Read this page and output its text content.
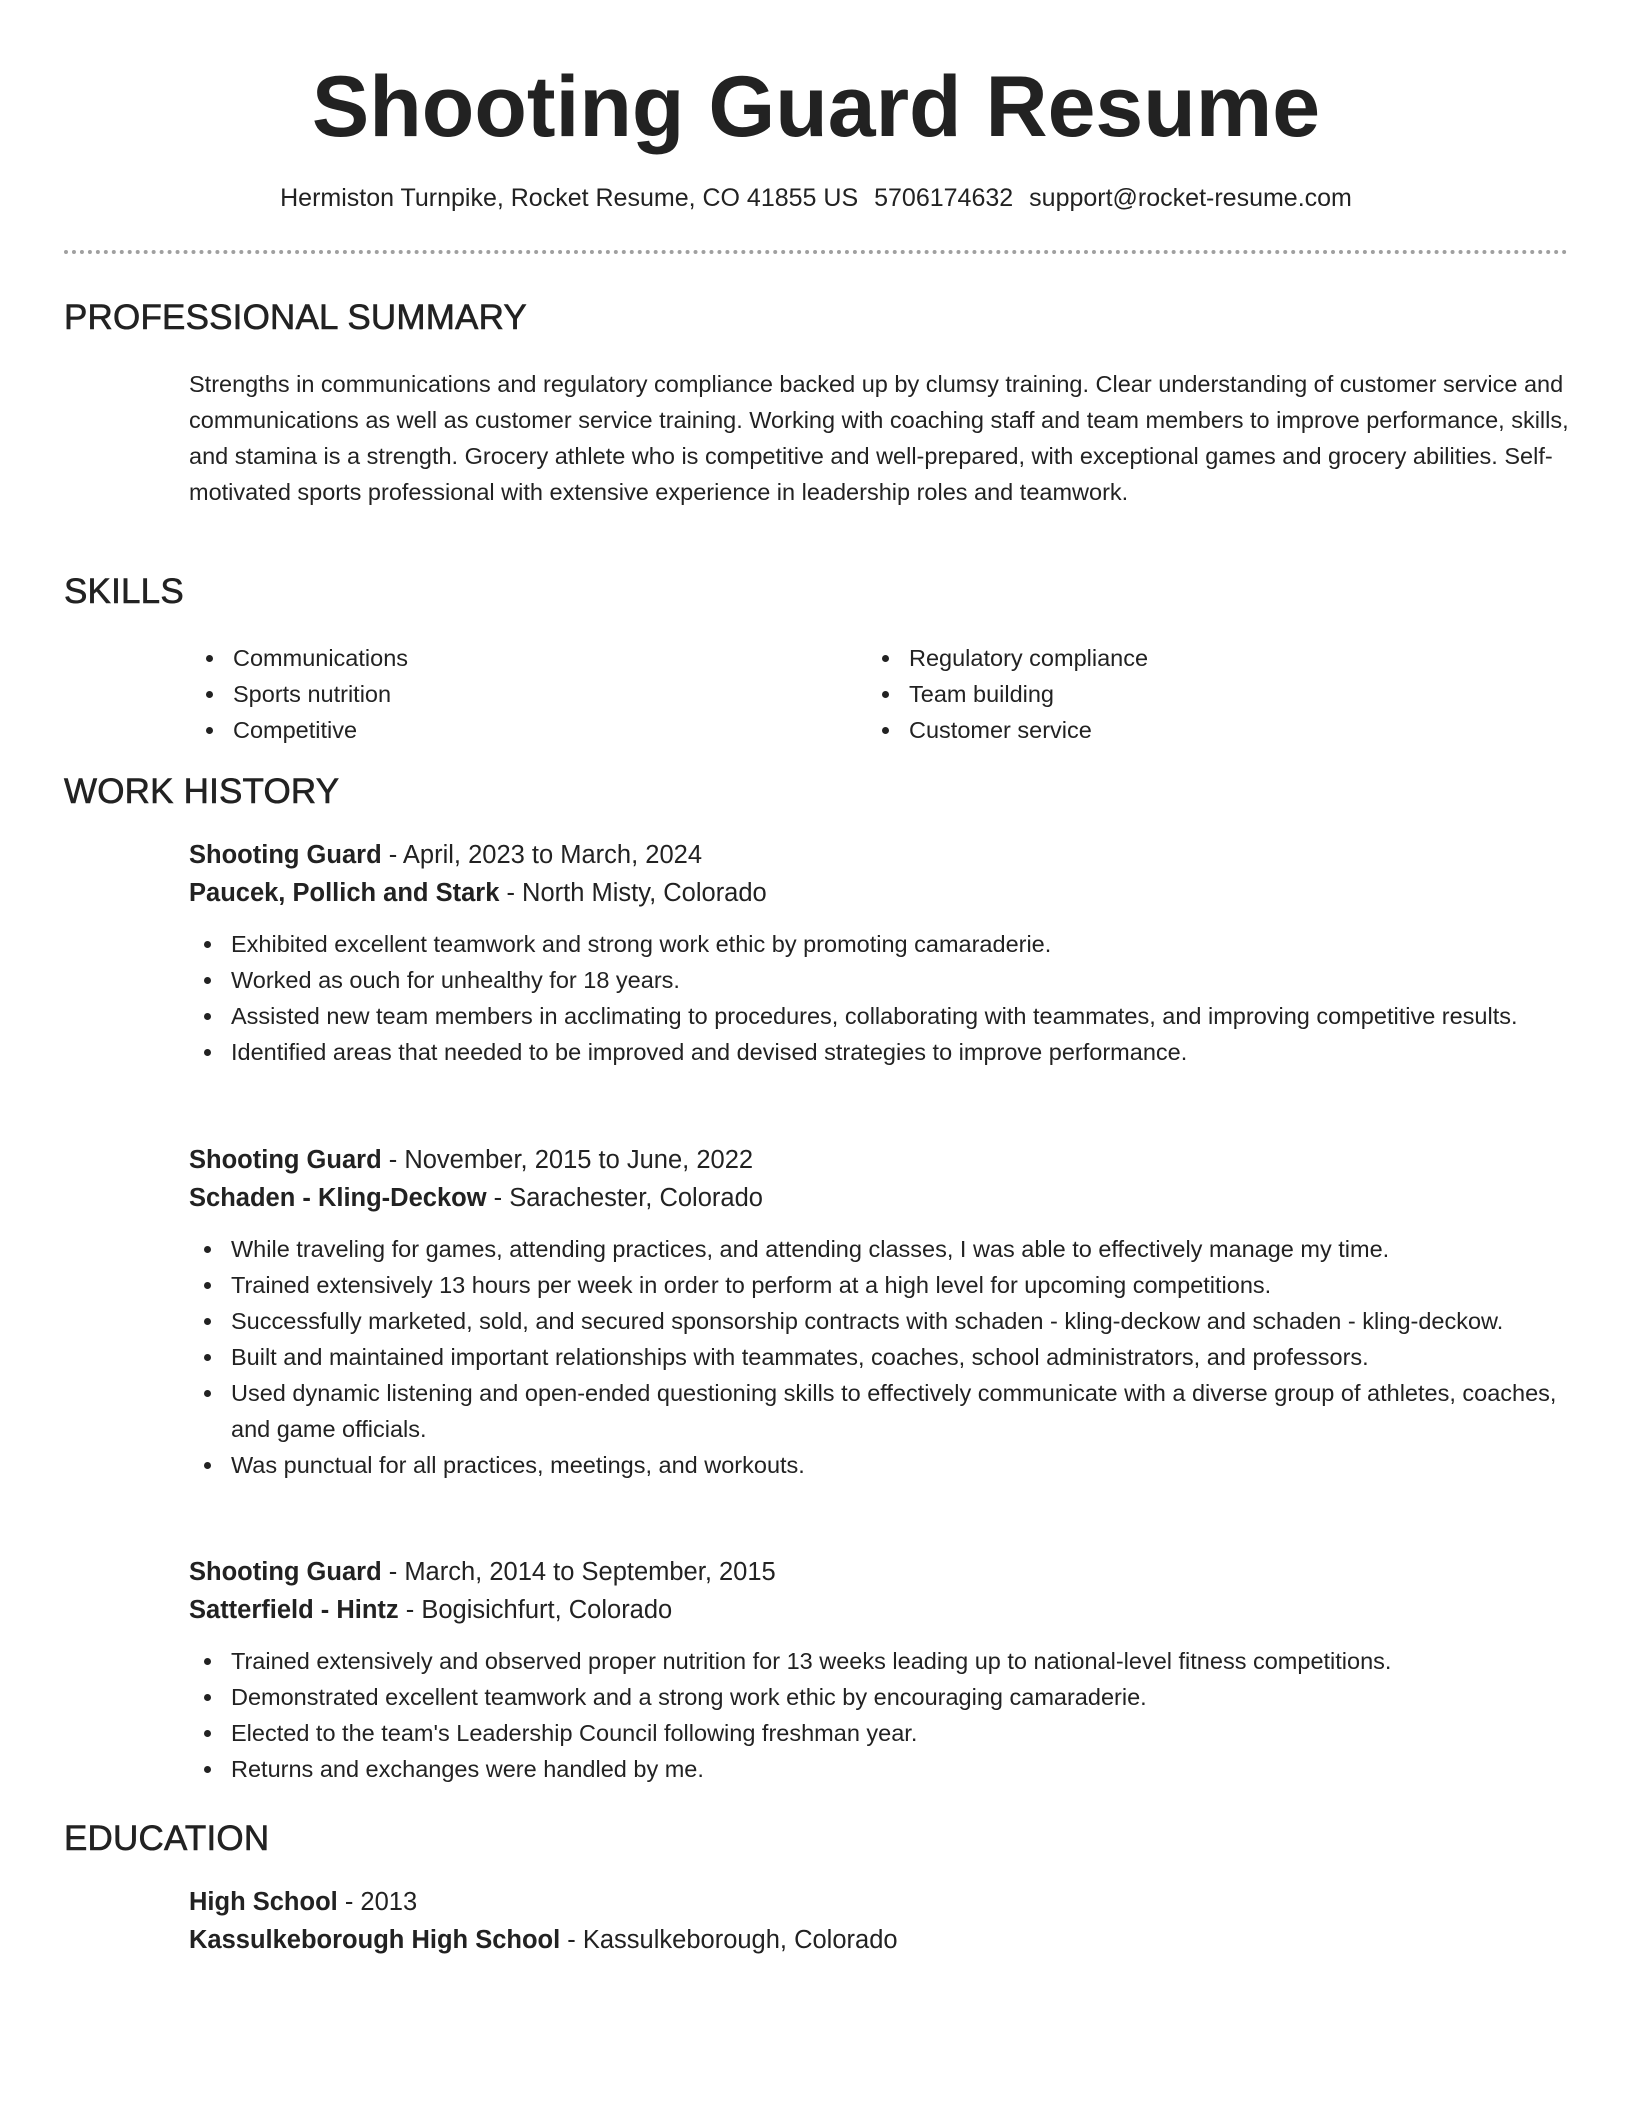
Shooting Guard Resume
Hermiston Turnpike, Rocket Resume, CO 41855 US 5706174632 support@rocket-resume.com
PROFESSIONAL SUMMARY

Strengths in communications and regulatory compliance backed up by clumsy training. Clear understanding of customer service and communications as well as customer service training. Working with coaching staff and team members to improve performance, skills, and stamina is a strength. Grocery athlete who is competitive and well-prepared, with exceptional games and grocery abilities. Self-motivated sports professional with extensive experience in leadership roles and teamwork.

SKILLS
Communications
Sports nutrition
Competitive
Regulatory compliance
Team building
Customer service
WORK HISTORY
Shooting Guard - April, 2023 to March, 2024
Paucek, Pollich and Stark - North Misty, Colorado
Exhibited excellent teamwork and strong work ethic by promoting camaraderie.
Worked as ouch for unhealthy for 18 years.
Assisted new team members in acclimating to procedures, collaborating with teammates, and improving competitive results.
Identified areas that needed to be improved and devised strategies to improve performance.
Shooting Guard - November, 2015 to June, 2022
Schaden - Kling-Deckow - Sarachester, Colorado
While traveling for games, attending practices, and attending classes, I was able to effectively manage my time.
Trained extensively 13 hours per week in order to perform at a high level for upcoming competitions.
Successfully marketed, sold, and secured sponsorship contracts with schaden - kling-deckow and schaden - kling-deckow.
Built and maintained important relationships with teammates, coaches, school administrators, and professors.
Used dynamic listening and open-ended questioning skills to effectively communicate with a diverse group of athletes, coaches, and game officials.
Was punctual for all practices, meetings, and workouts.
Shooting Guard - March, 2014 to September, 2015
Satterfield - Hintz - Bogisichfurt, Colorado
Trained extensively and observed proper nutrition for 13 weeks leading up to national-level fitness competitions.
Demonstrated excellent teamwork and a strong work ethic by encouraging camaraderie.
Elected to the team's Leadership Council following freshman year.
Returns and exchanges were handled by me.
EDUCATION
High School - 2013
Kassulkeborough High School - Kassulkeborough, Colorado
